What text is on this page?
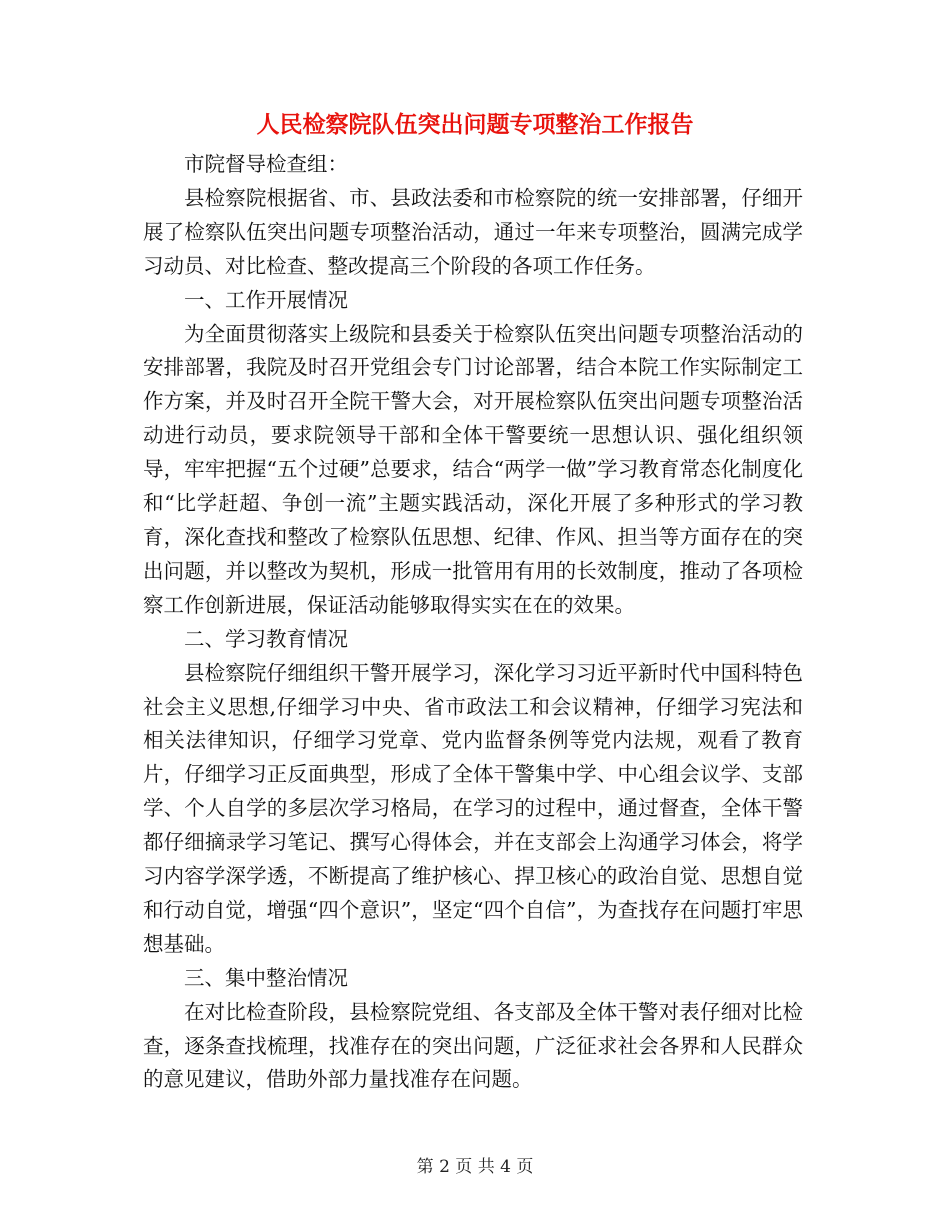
人民检察院队伍突出问题专项整治工作报告

市院督导检查组：

县检察院根据省、市、县政法委和市检察院的统一安排部署，仔细开展了检察队伍突出问题专项整治活动，通过一年来专项整治，圆满完成学习动员、对比检查、整改提高三个阶段的各项工作任务。

一、工作开展情况

为全面贯彻落实上级院和县委关于检察队伍突出问题专项整治活动的安排部署，我院及时召开党组会专门讨论部署，结合本院工作实际制定工作方案，并及时召开全院干警大会，对开展检察队伍突出问题专项整治活动进行动员，要求院领导干部和全体干警要统一思想认识、强化组织领导，牢牢把握“五个过硬”总要求，结合“两学一做”学习教育常态化制度化和“比学赶超、争创一流”主题实践活动，深化开展了多种形式的学习教育，深化查找和整改了检察队伍思想、纪律、作风、担当等方面存在的突出问题，并以整改为契机，形成一批管用有用的长效制度，推动了各项检察工作创新进展，保证活动能够取得实实在在的效果。

二、学习教育情况

县检察院仔细组织干警开展学习，深化学习习近平新时代中国科特色社会主义思想,仔细学习中央、省市政法工和会议精神，仔细学习宪法和相关法律知识，仔细学习党章、党内监督条例等党内法规，观看了教育片，仔细学习正反面典型，形成了全体干警集中学、中心组会议学、支部学、个人自学的多层次学习格局，在学习的过程中，通过督查，全体干警都仔细摘录学习笔记、撰写心得体会，并在支部会上沟通学习体会，将学习内容学深学透，不断提高了维护核心、捍卫核心的政治自觉、思想自觉和行动自觉，增强“四个意识”，坚定“四个自信”，为查找存在问题打牢思想基础。

三、集中整治情况

在对比检查阶段，县检察院党组、各支部及全体干警对表仔细对比检查，逐条查找梳理，找准存在的突出问题，广泛征求社会各界和人民群众的意见建议，借助外部力量找准存在问题。

第 2 页 共 4 页
